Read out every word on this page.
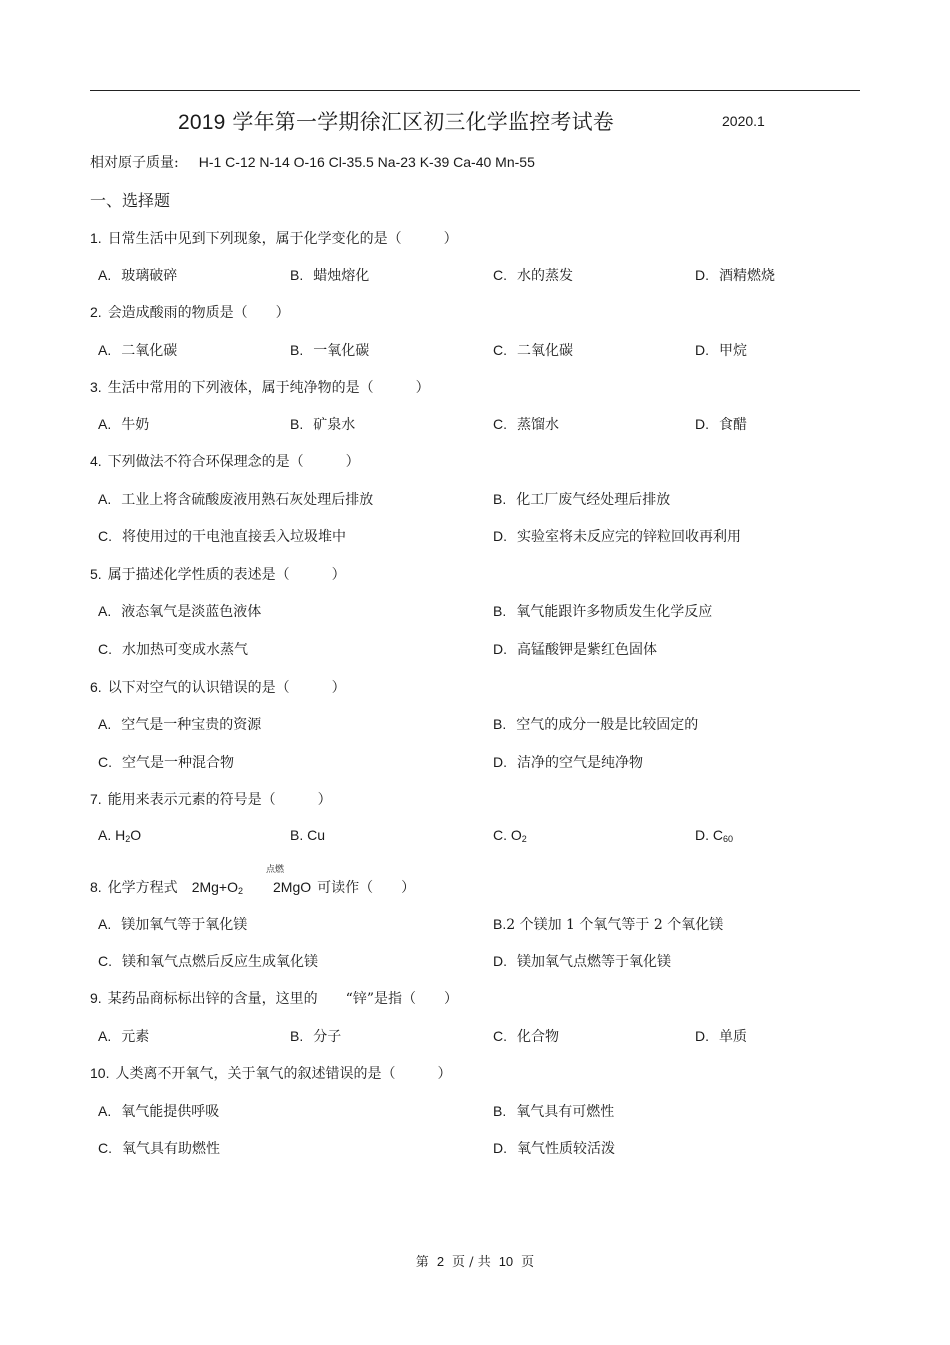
2019 学年第一学期徐汇区初三化学监控考试卷	2020.1
相对原子质量: H-1 C-12 N-14 O-16 Cl-35.5 Na-23 K-39 Ca-40 Mn-55
一、选择题
1. 日常生活中见到下列现象，属于化学变化的是（　　　）
A. 玻璃破碎	B. 蜡烛熔化	C. 水的蒸发	D. 酒精燃烧
2. 会造成酸雨的物质是（　　）
A. 二氧化碳	B. 一氧化碳	C. 二氧化碳	D. 甲烷
3. 生活中常用的下列液体，属于纯净物的是（　　　）
A. 牛奶	B. 矿泉水	C. 蒸馏水	D. 食醋
4. 下列做法不符合环保理念的是（　　　）
A. 工业上将含硫酸废液用熟石灰处理后排放	B. 化工厂废气经处理后排放
C. 将使用过的干电池直接丢入垃圾堆中	D. 实验室将未反应完的锌粒回收再利用
5. 属于描述化学性质的表述是（　　　）
A. 液态氧气是淡蓝色液体	B. 氧气能跟许多物质发生化学反应
C. 水加热可变成水蒸气	D. 高锰酸钾是紫红色固体
6. 以下对空气的认识错误的是（　　　）
A. 空气是一种宝贵的资源	B. 空气的成分一般是比较固定的
C. 空气是一种混合物	D. 洁净的空气是纯净物
7. 能用来表示元素的符号是（　　　）
A. $H_2O$	B. Cu	C. $O_2$	D. $C_{60}$
点燃
8. 化学方程式 $2Mg+O_2$ 2MgO 可读作（　　）
A. 镁加氧气等于氧化镁	B.2 个镁加 1 个氧气等于 2 个氧化镁
C. 镁和氧气点燃后反应生成氧化镁	D. 镁加氧气点燃等于氧化镁
9. 某药品商标标出锌的含量，这里的　　“锌”是指（　　）
A. 元素	B. 分子	C. 化合物	D. 单质
10. 人类离不开氧气，关于氧气的叙述错误的是（　　　）
A. 氧气能提供呼吸	B. 氧气具有可燃性
C. 氧气具有助燃性	D. 氧气性质较活泼
第 2 页 / 共 10 页
